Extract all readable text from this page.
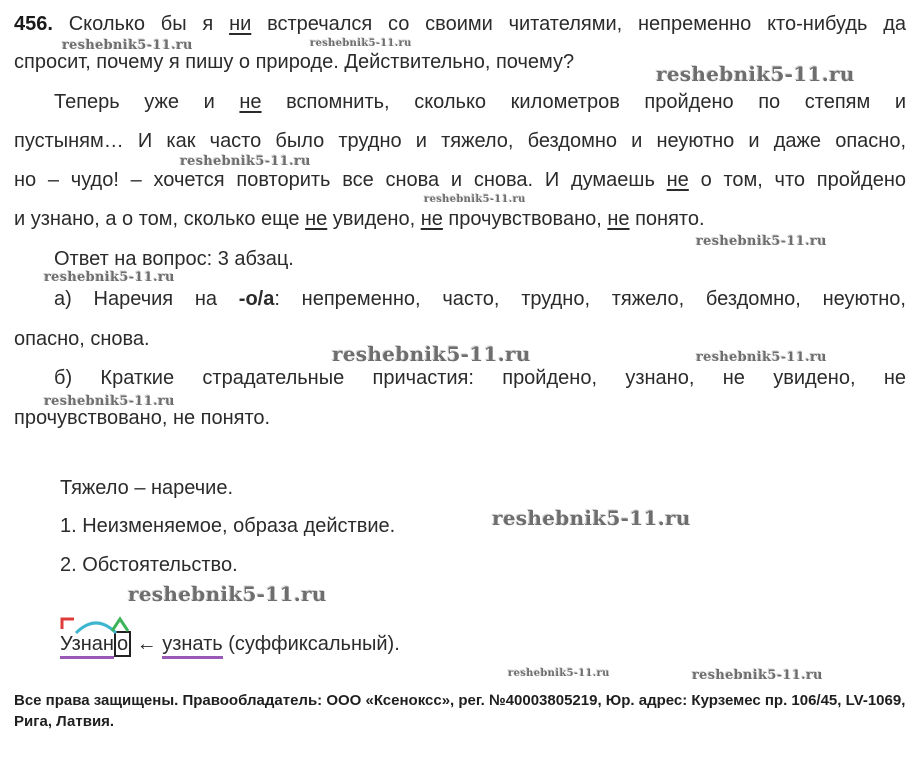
456. Сколько бы я ни встречался со своими читателями, непременно кто-нибудь да
спросит, почему я пишу о природе. Действительно, почему?
Теперь уже и не вспомнить, сколько километров пройдено по степям и
пустыням… И как часто было трудно и тяжело, бездомно и неуютно и даже опасно,
но – чудо! – хочется повторить все снова и снова. И думаешь не о том, что пройдено
и узнано, а о том, сколько еще не увидено, не прочувствовано, не понято.
Ответ на вопрос: 3 абзац.
а) Наречия на -о/а: непременно, часто, трудно, тяжело, бездомно, неуютно,
опасно, снова.
б) Краткие страдательные причастия: пройдено, узнано, не увидено, не
прочувствовано, не понято.
Тяжело – наречие.
1. Неизменяемое, образа действие.
2. Обстоятельство.
Узнан о ← узнать (суффиксальный).
reshebnik5-11.ru	reshebnik5-11.ru
reshebnik5-11.ru
reshebnik5-11.ru
reshebnik5-11.ru
reshebnik5-11.ru
reshebnik5-11.ru
reshebnik5-11.ru	reshebnik5-11.ru
reshebnik5-11.ru
reshebnik5-11.ru
reshebnik5-11.ru
reshebnik5-11.ru	reshebnik5-11.ru
Все права защищены. Правообладатель: ООО «Ксеноксс», рег. №40003805219, Юр. адрес: Курземес пр. 106/45, LV-1069, Рига, Латвия.
